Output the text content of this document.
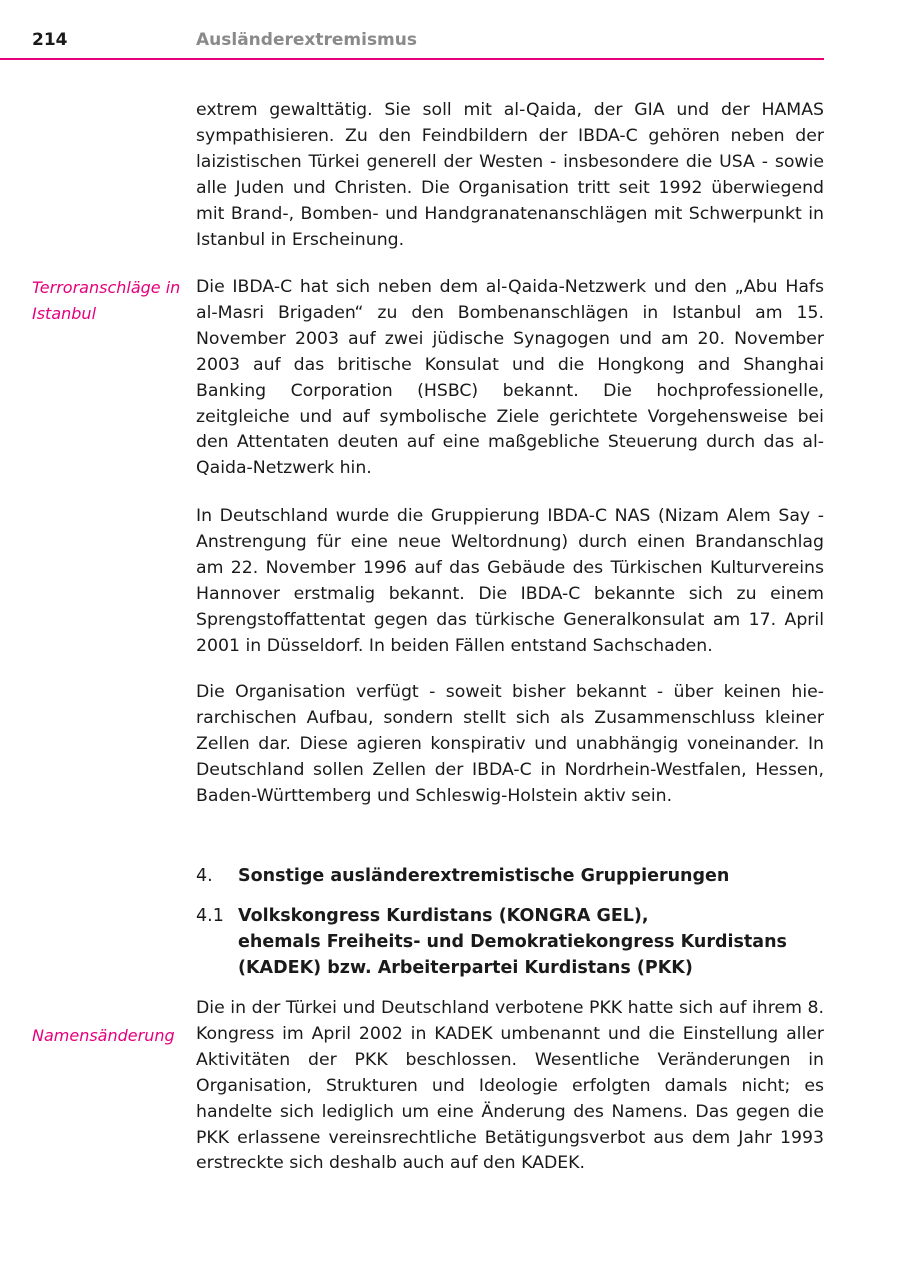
214	Ausländerextremismus

extrem gewalttätig. Sie soll mit al-Qaida, der GIA und der HAMAS sympathisieren. Zu den Feindbildern der IBDA-C gehören neben der laizistischen Türkei generell der Westen - insbesondere die USA - sowie alle Juden und Christen. Die Organisation tritt seit 1992 überwiegend mit Brand-, Bomben- und Handgranatenanschlägen mit Schwerpunkt in Istanbul in Erscheinung.

Terroranschläge in Istanbul

Die IBDA-C hat sich neben dem al-Qaida-Netzwerk und den „Abu Hafs al-Masri Brigaden“ zu den Bombenanschlägen in Istanbul am 15. November 2003 auf zwei jüdische Synagogen und am 20. November 2003 auf das britische Konsulat und die Hongkong and Shanghai Banking Corporation (HSBC) bekannt. Die hochprofessionelle, zeitgleiche und auf symbolische Ziele gerichtete Vorgehensweise bei den Attentaten deuten auf eine maßgebliche Steuerung durch das al-Qaida-Netzwerk hin.

In Deutschland wurde die Gruppierung IBDA-C NAS (Nizam Alem Say - Anstrengung für eine neue Weltordnung) durch einen Brandanschlag am 22. November 1996 auf das Gebäude des Türkischen Kulturvereins Hannover erstmalig bekannt. Die IBDA-C bekannte sich zu einem Sprengstoffattentat gegen das türkische Generalkonsulat am 17. April 2001 in Düsseldorf. In beiden Fällen entstand Sachschaden.

Die Organisation verfügt - soweit bisher bekannt - über keinen hierarchischen Aufbau, sondern stellt sich als Zusammenschluss kleiner Zellen dar. Diese agieren konspirativ und unabhängig voneinander. In Deutschland sollen Zellen der IBDA-C in Nordrhein-Westfalen, Hessen, Baden-Württemberg und Schleswig-Holstein aktiv sein.

4. Sonstige ausländerextremistische Gruppierungen
4.1 Volkskongress Kurdistans (KONGRA GEL),
ehemals Freiheits- und Demokratiekongress Kurdistans
(KADEK) bzw. Arbeiterpartei Kurdistans (PKK)
Namensänderung

Die in der Türkei und Deutschland verbotene PKK hatte sich auf ihrem 8. Kongress im April 2002 in KADEK umbenannt und die Einstellung aller Aktivitäten der PKK beschlossen. Wesentliche Veränderungen in Organisation, Strukturen und Ideologie erfolgten damals nicht; es handelte sich lediglich um eine Änderung des Namens. Das gegen die PKK erlassene vereinsrechtliche Betätigungsverbot aus dem Jahr 1993 erstreckte sich deshalb auch auf den KADEK.
